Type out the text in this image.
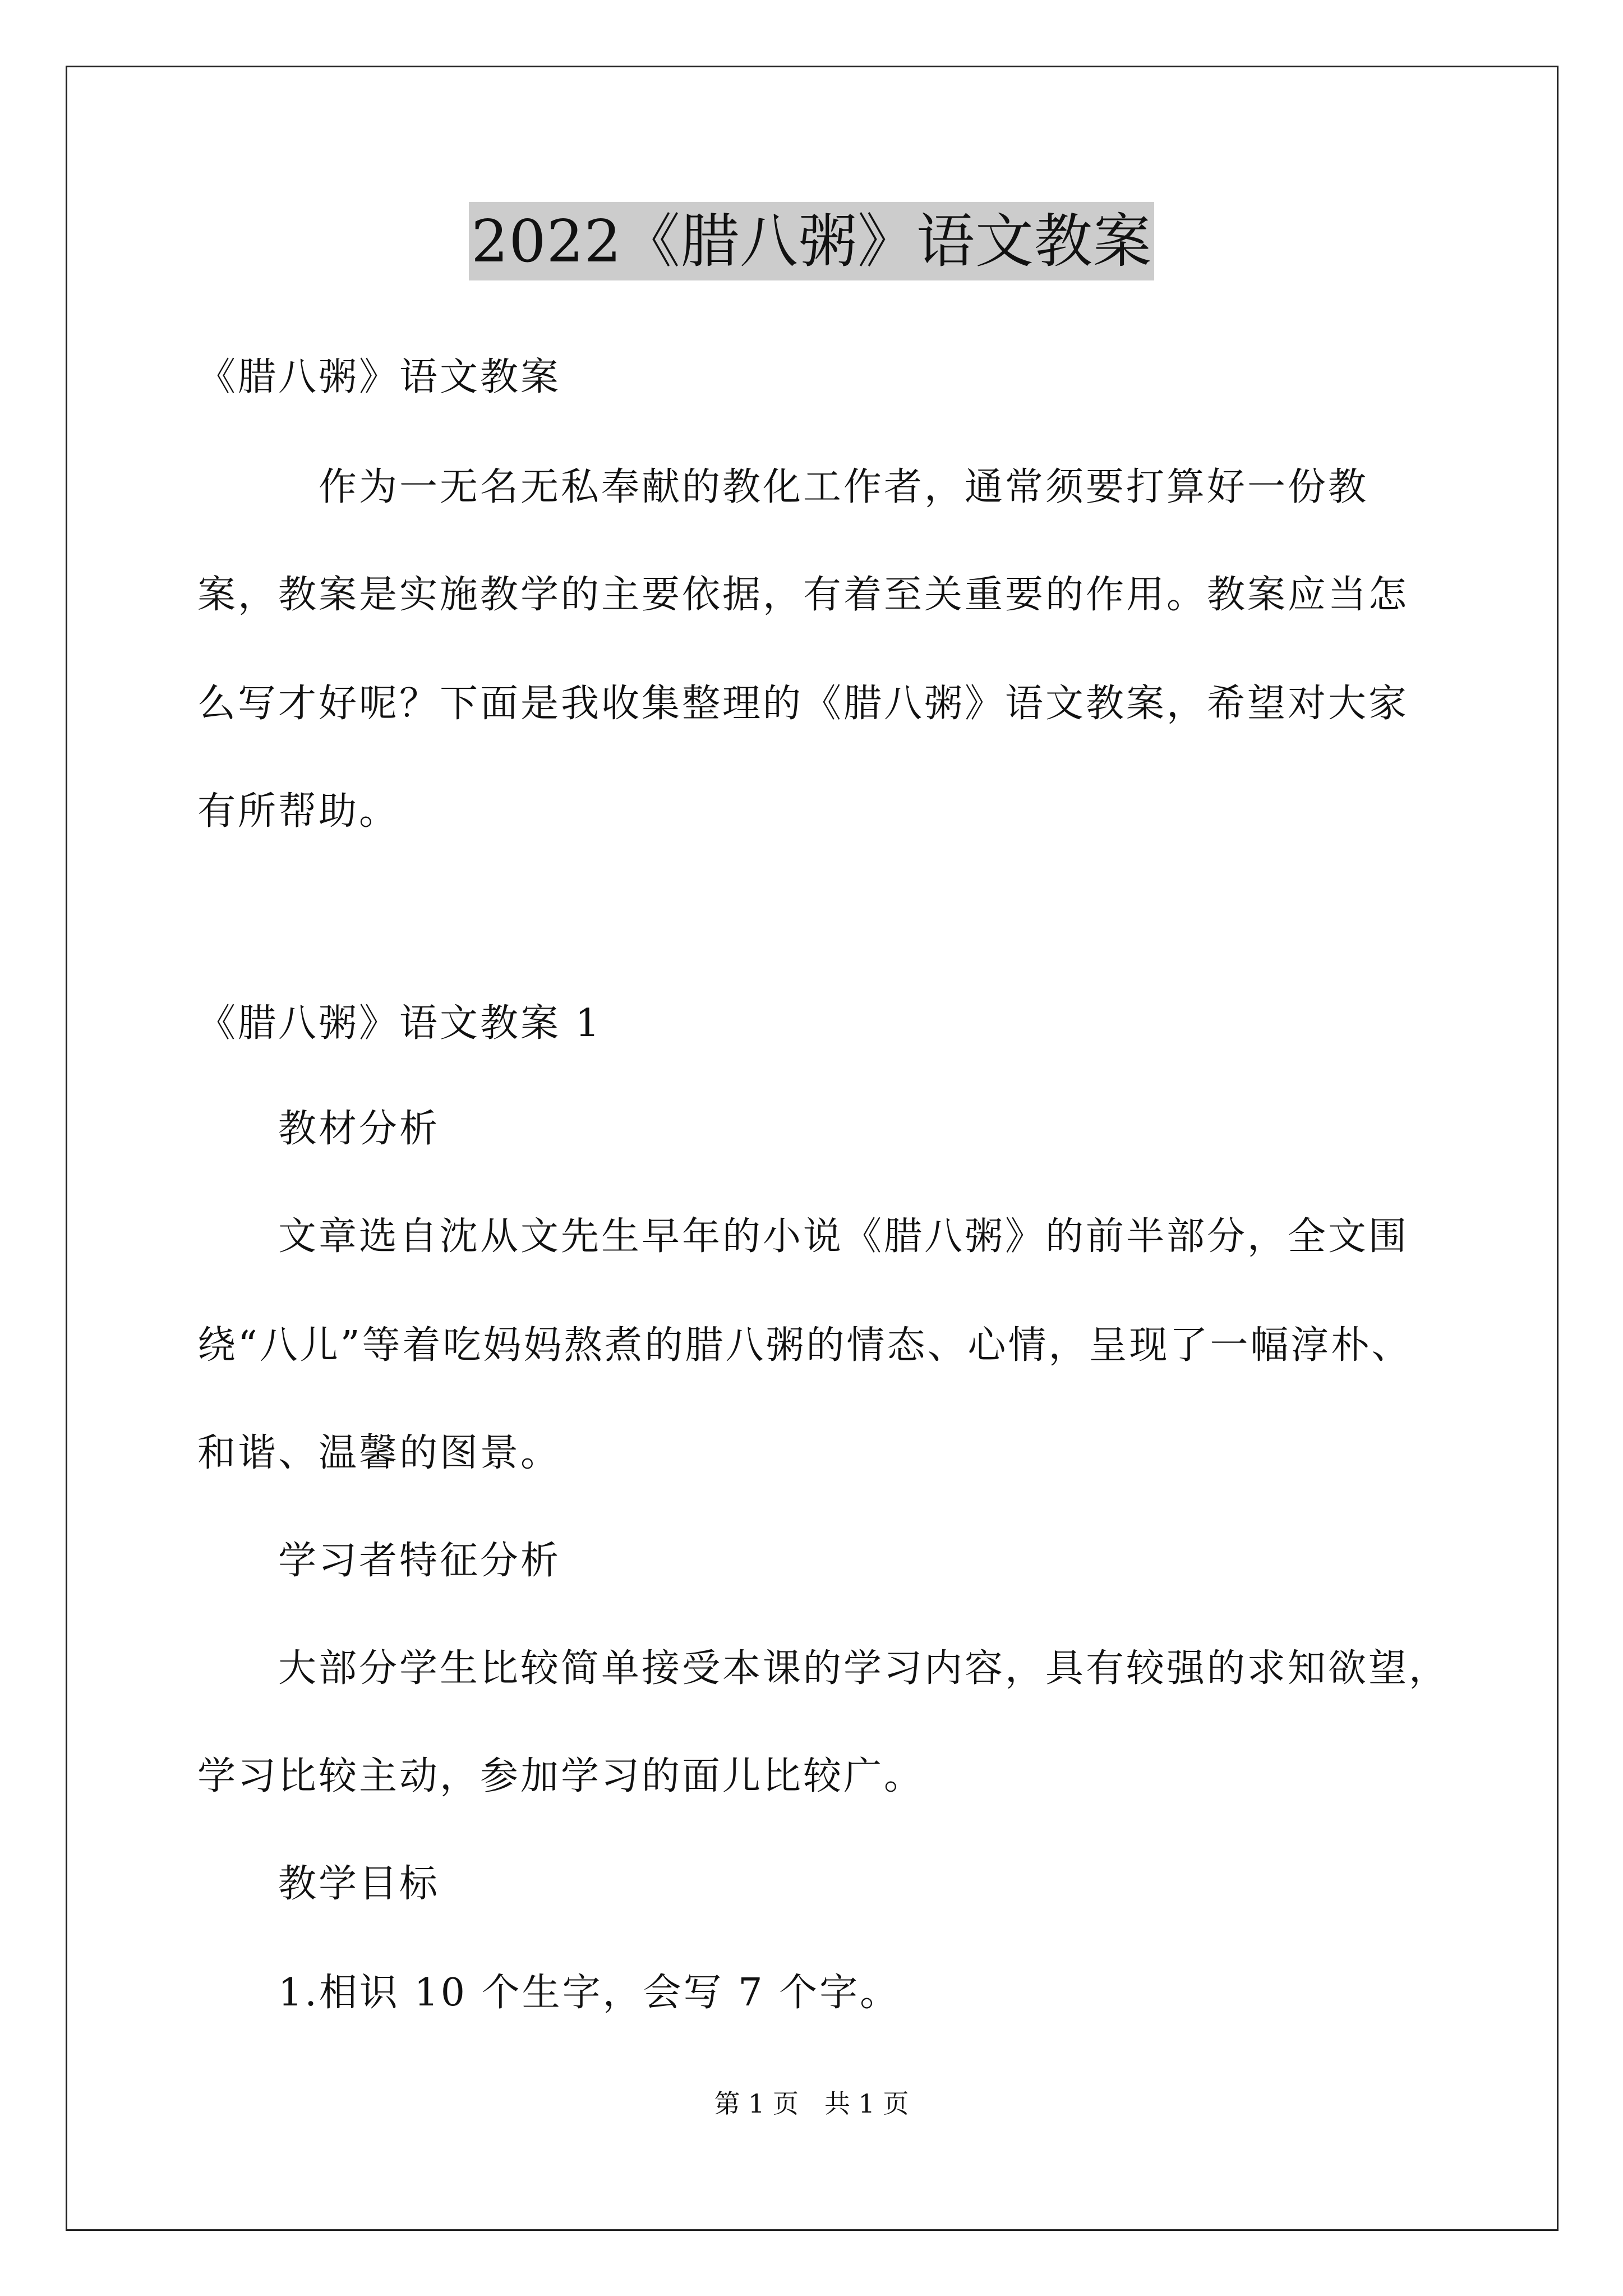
2022《腊八粥》语文教案
《腊八粥》语文教案
　　　作为一无名无私奉献的教化工作者，通常须要打算好一份教
案，教案是实施教学的主要依据，有着至关重要的作用。教案应当怎
么写才好呢？下面是我收集整理的《腊八粥》语文教案，希望对大家
有所帮助。
《腊八粥》语文教案 1
　　教材分析
　　文章选自沈从文先生早年的小说《腊八粥》的前半部分，全文围
绕“八儿”等着吃妈妈熬煮的腊八粥的情态、心情，呈现了一幅淳朴、
和谐、温馨的图景。
　　学习者特征分析
　　大部分学生比较简单接受本课的学习内容，具有较强的求知欲望，
学习比较主动，参加学习的面儿比较广。
　　教学目标
　　1.相识 10 个生字，会写 7 个字。
第 1 页　共 1 页
